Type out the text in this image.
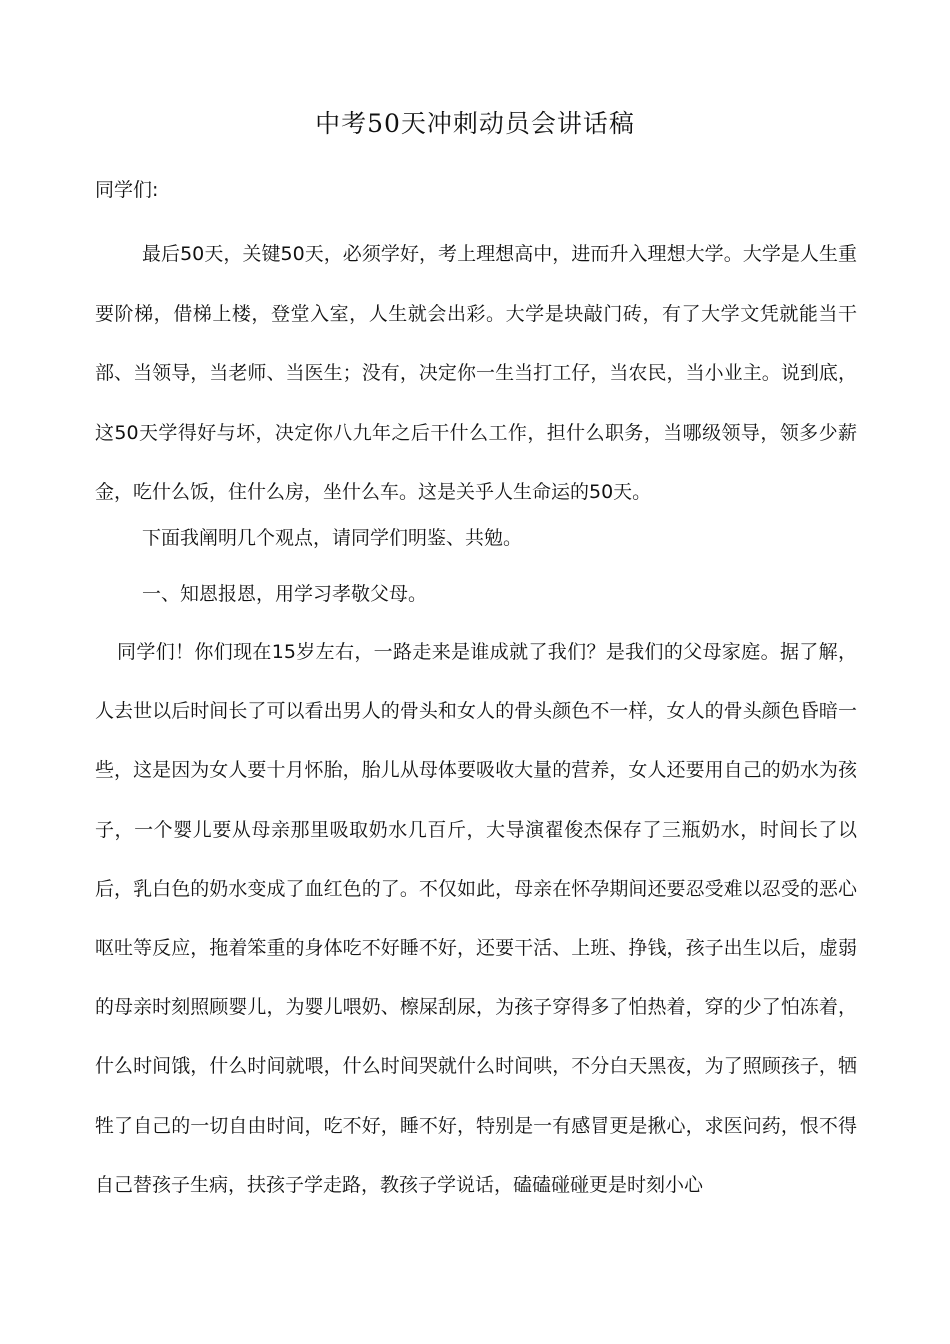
中考50天冲刺动员会讲话稿

同学们:

最后50天，关键50天，必须学好，考上理想高中，进而升入理想大学。大学是人生重要阶梯，借梯上楼，登堂入室，人生就会出彩。大学是块敲门砖，有了大学文凭就能当干部、当领导，当老师、当医生；没有，决定你一生当打工仔，当农民，当小业主。说到底，这50天学得好与坏，决定你八九年之后干什么工作，担什么职务，当哪级领导，领多少薪金，吃什么饭，住什么房，坐什么车。这是关乎人生命运的50天。

下面我阐明几个观点，请同学们明鉴、共勉。

一、知恩报恩，用学习孝敬父母。

同学们！你们现在15岁左右，一路走来是谁成就了我们？是我们的父母家庭。据了解，人去世以后时间长了可以看出男人的骨头和女人的骨头颜色不一样，女人的骨头颜色昏暗一些，这是因为女人要十月怀胎，胎儿从母体要吸收大量的营养，女人还要用自己的奶水为孩子，一个婴儿要从母亲那里吸取奶水几百斤，大导演翟俊杰保存了三瓶奶水，时间长了以后，乳白色的奶水变成了血红色的了。不仅如此，母亲在怀孕期间还要忍受难以忍受的恶心呕吐等反应，拖着笨重的身体吃不好睡不好，还要干活、上班、挣钱，孩子出生以后，虚弱的母亲时刻照顾婴儿，为婴儿喂奶、檫屎刮尿，为孩子穿得多了怕热着，穿的少了怕冻着，什么时间饿，什么时间就喂，什么时间哭就什么时间哄，不分白天黑夜，为了照顾孩子，牺牲了自己的一切自由时间，吃不好，睡不好，特别是一有感冒更是揪心，求医问药，恨不得自己替孩子生病，扶孩子学走路，教孩子学说话，磕磕碰碰更是时刻小心
